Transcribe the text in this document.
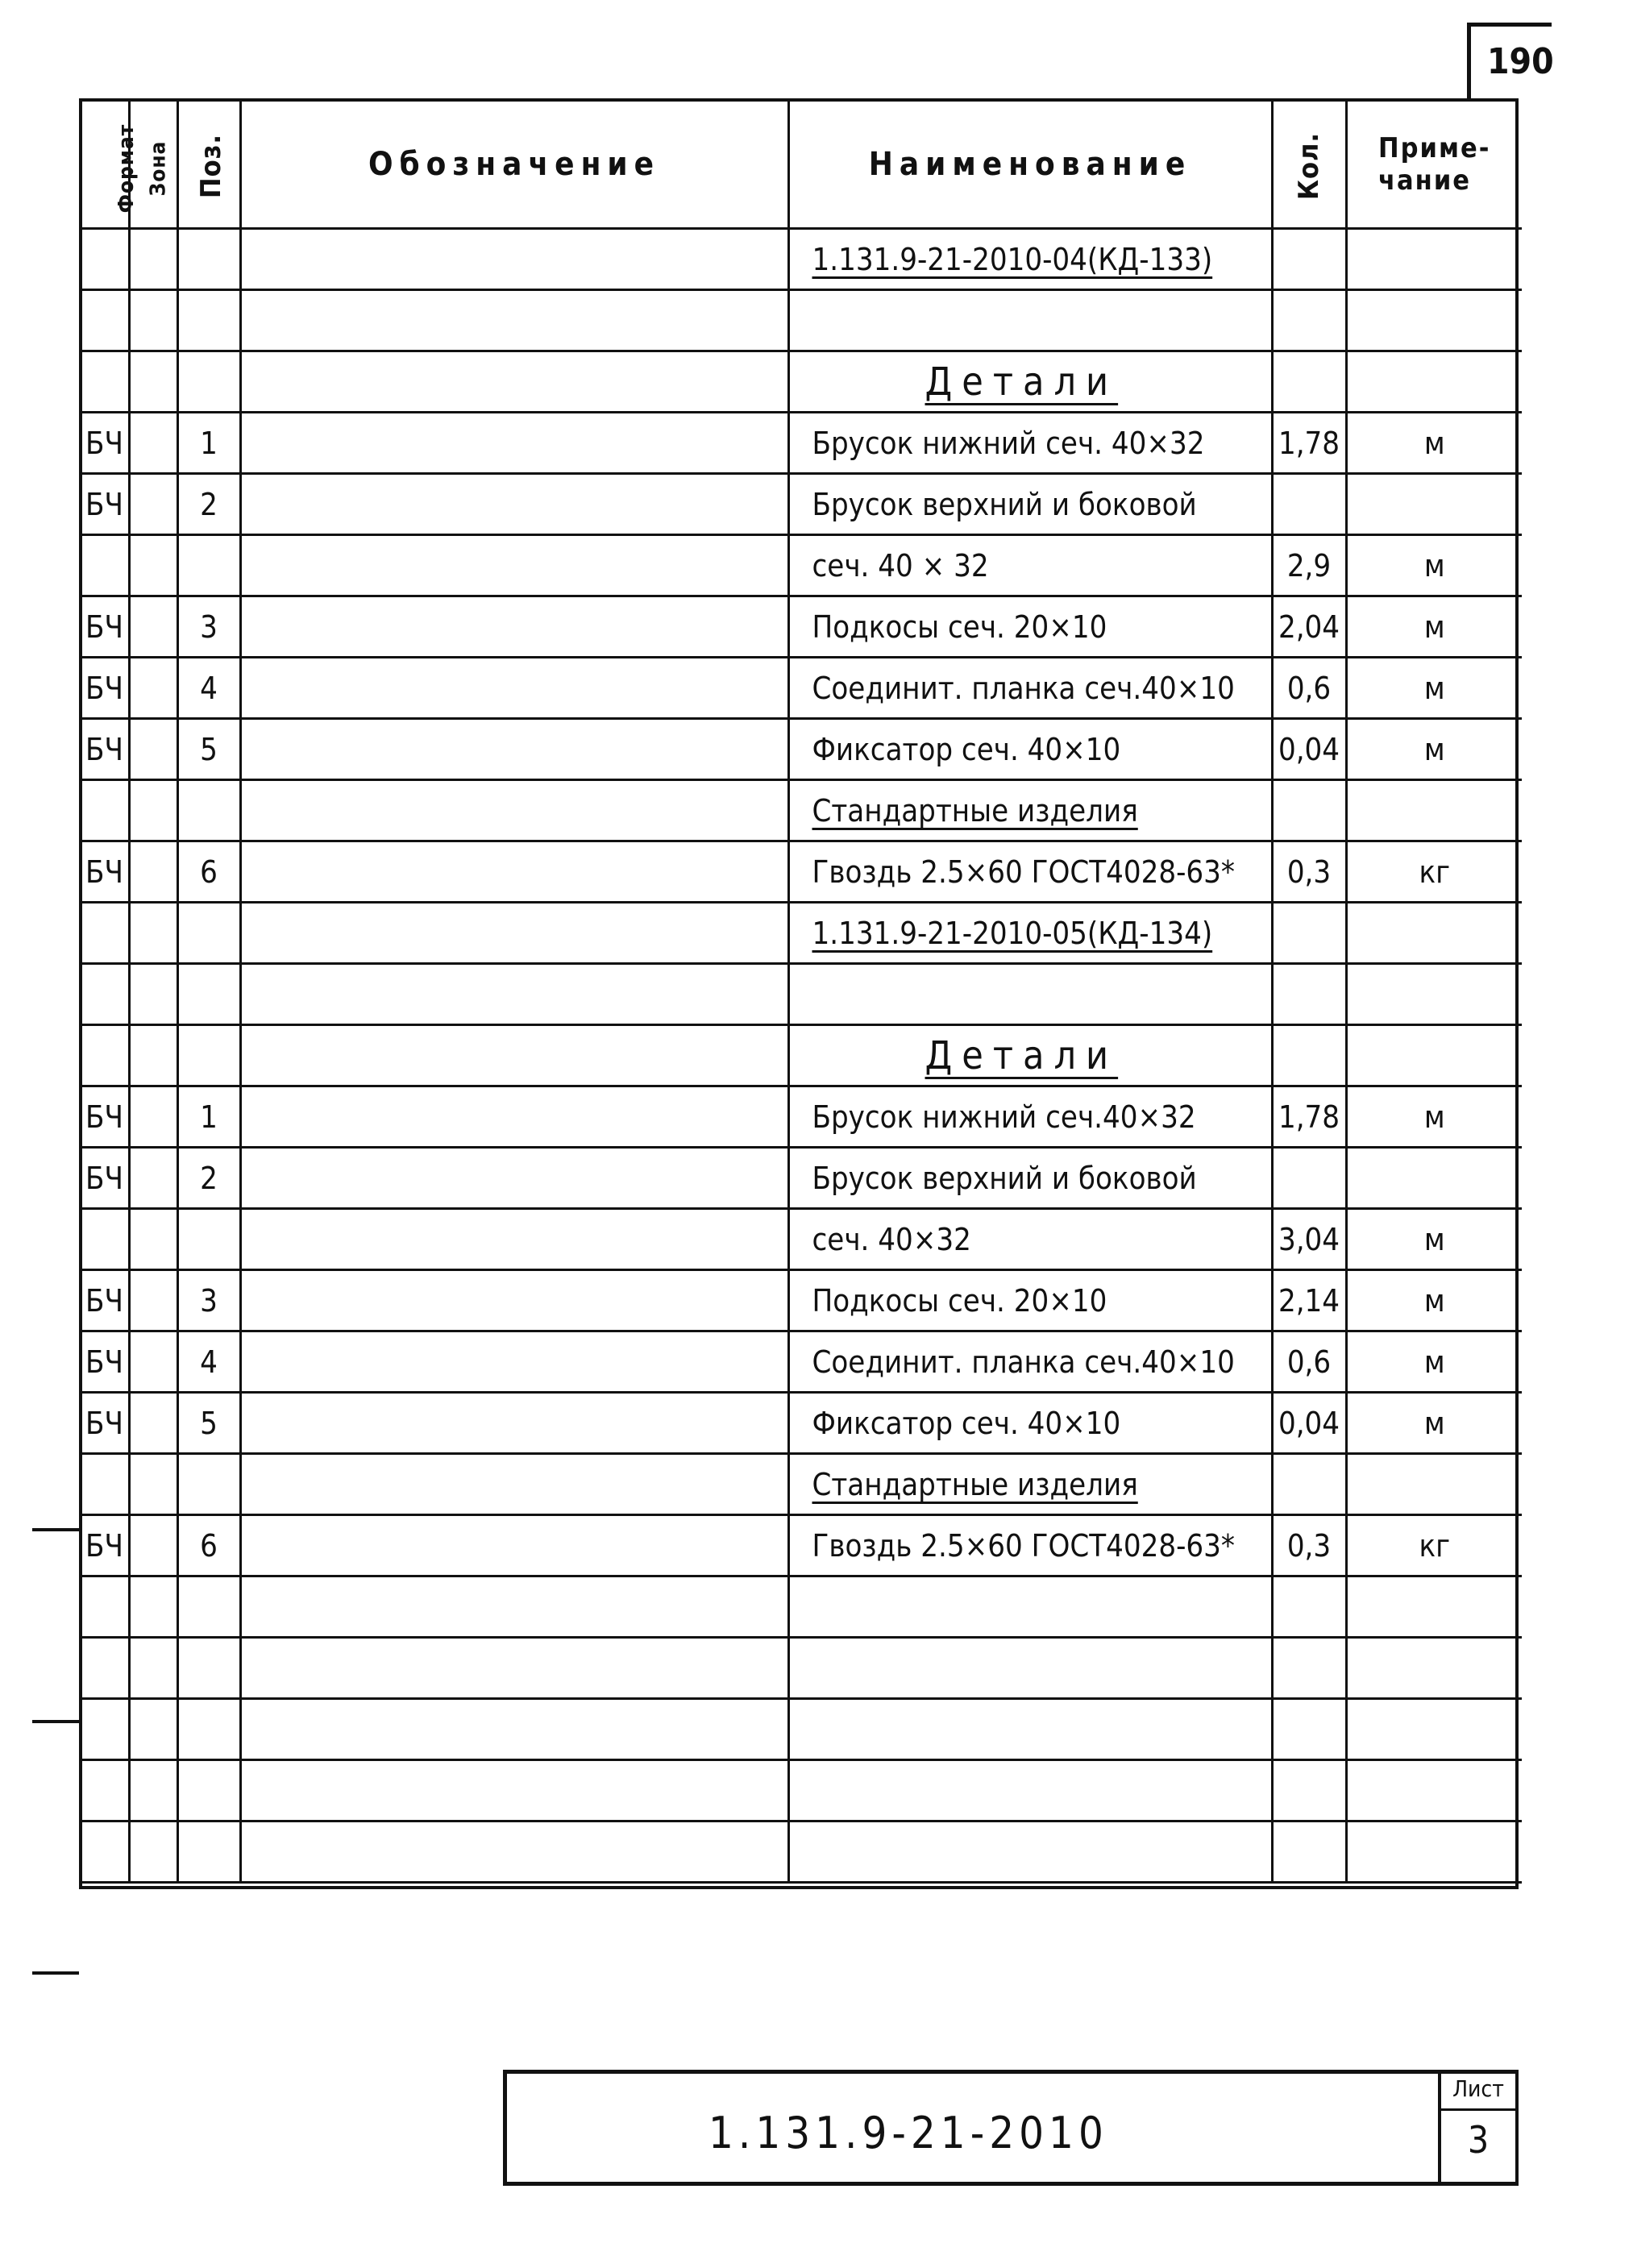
190
Формат	Зона	Поз.	Обозначение	Наименование	Кол.	Приме-
чание
				1.131.9-21-2010-04(КД-133)		

				Детали		
БЧ		1		Брусок нижний сеч. 40×32	1,78	м
БЧ		2		Брусок верхний и боковой		
				сеч. 40 × 32	2,9	м
БЧ		3		Подкосы сеч. 20×10	2,04	м
БЧ		4		Соединит. планка сеч.40×10	0,6	м
БЧ		5		Фиксатор сеч. 40×10	0,04	м
				Стандартные изделия		
БЧ		6		Гвоздь 2.5×60 ГОСТ4028-63*	0,3	кг
				1.131.9-21-2010-05(КД-134)		

				Детали		
БЧ		1		Брусок нижний сеч.40×32	1,78	м
БЧ		2		Брусок верхний и боковой		
				сеч. 40×32	3,04	м
БЧ		3		Подкосы сеч. 20×10	2,14	м
БЧ		4		Соединит. планка сеч.40×10	0,6	м
БЧ		5		Фиксатор сеч. 40×10	0,04	м
				Стандартные изделия		
БЧ		6		Гвоздь 2.5×60 ГОСТ4028-63*	0,3	кг

1.131.9-21-2010
Лист
3
